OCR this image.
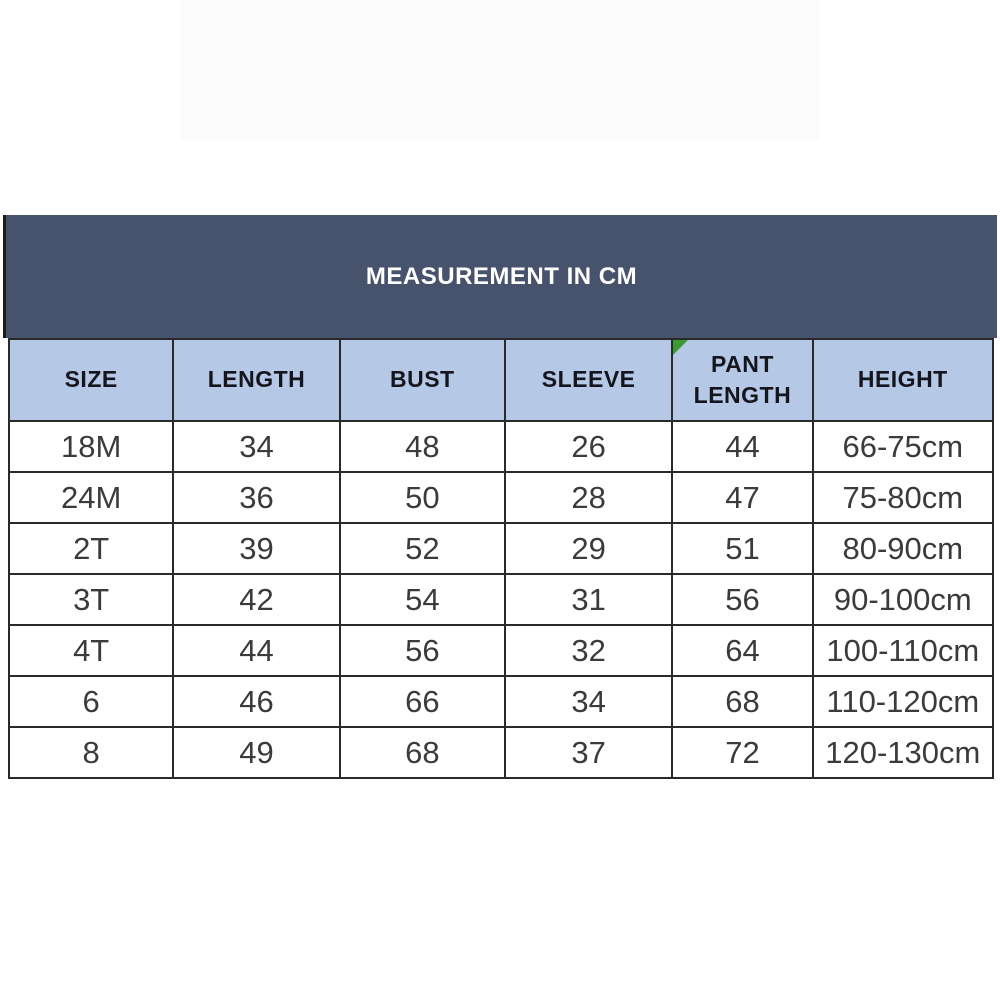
MEASUREMENT IN CM
SIZE	LENGTH	BUST	SLEEVE	PANT LENGTH	HEIGHT
18M	34	48	26	44	66-75cm
24M	36	50	28	47	75-80cm
2T	39	52	29	51	80-90cm
3T	42	54	31	56	90-100cm
4T	44	56	32	64	100-110cm
6	46	66	34	68	110-120cm
8	49	68	37	72	120-130cm
